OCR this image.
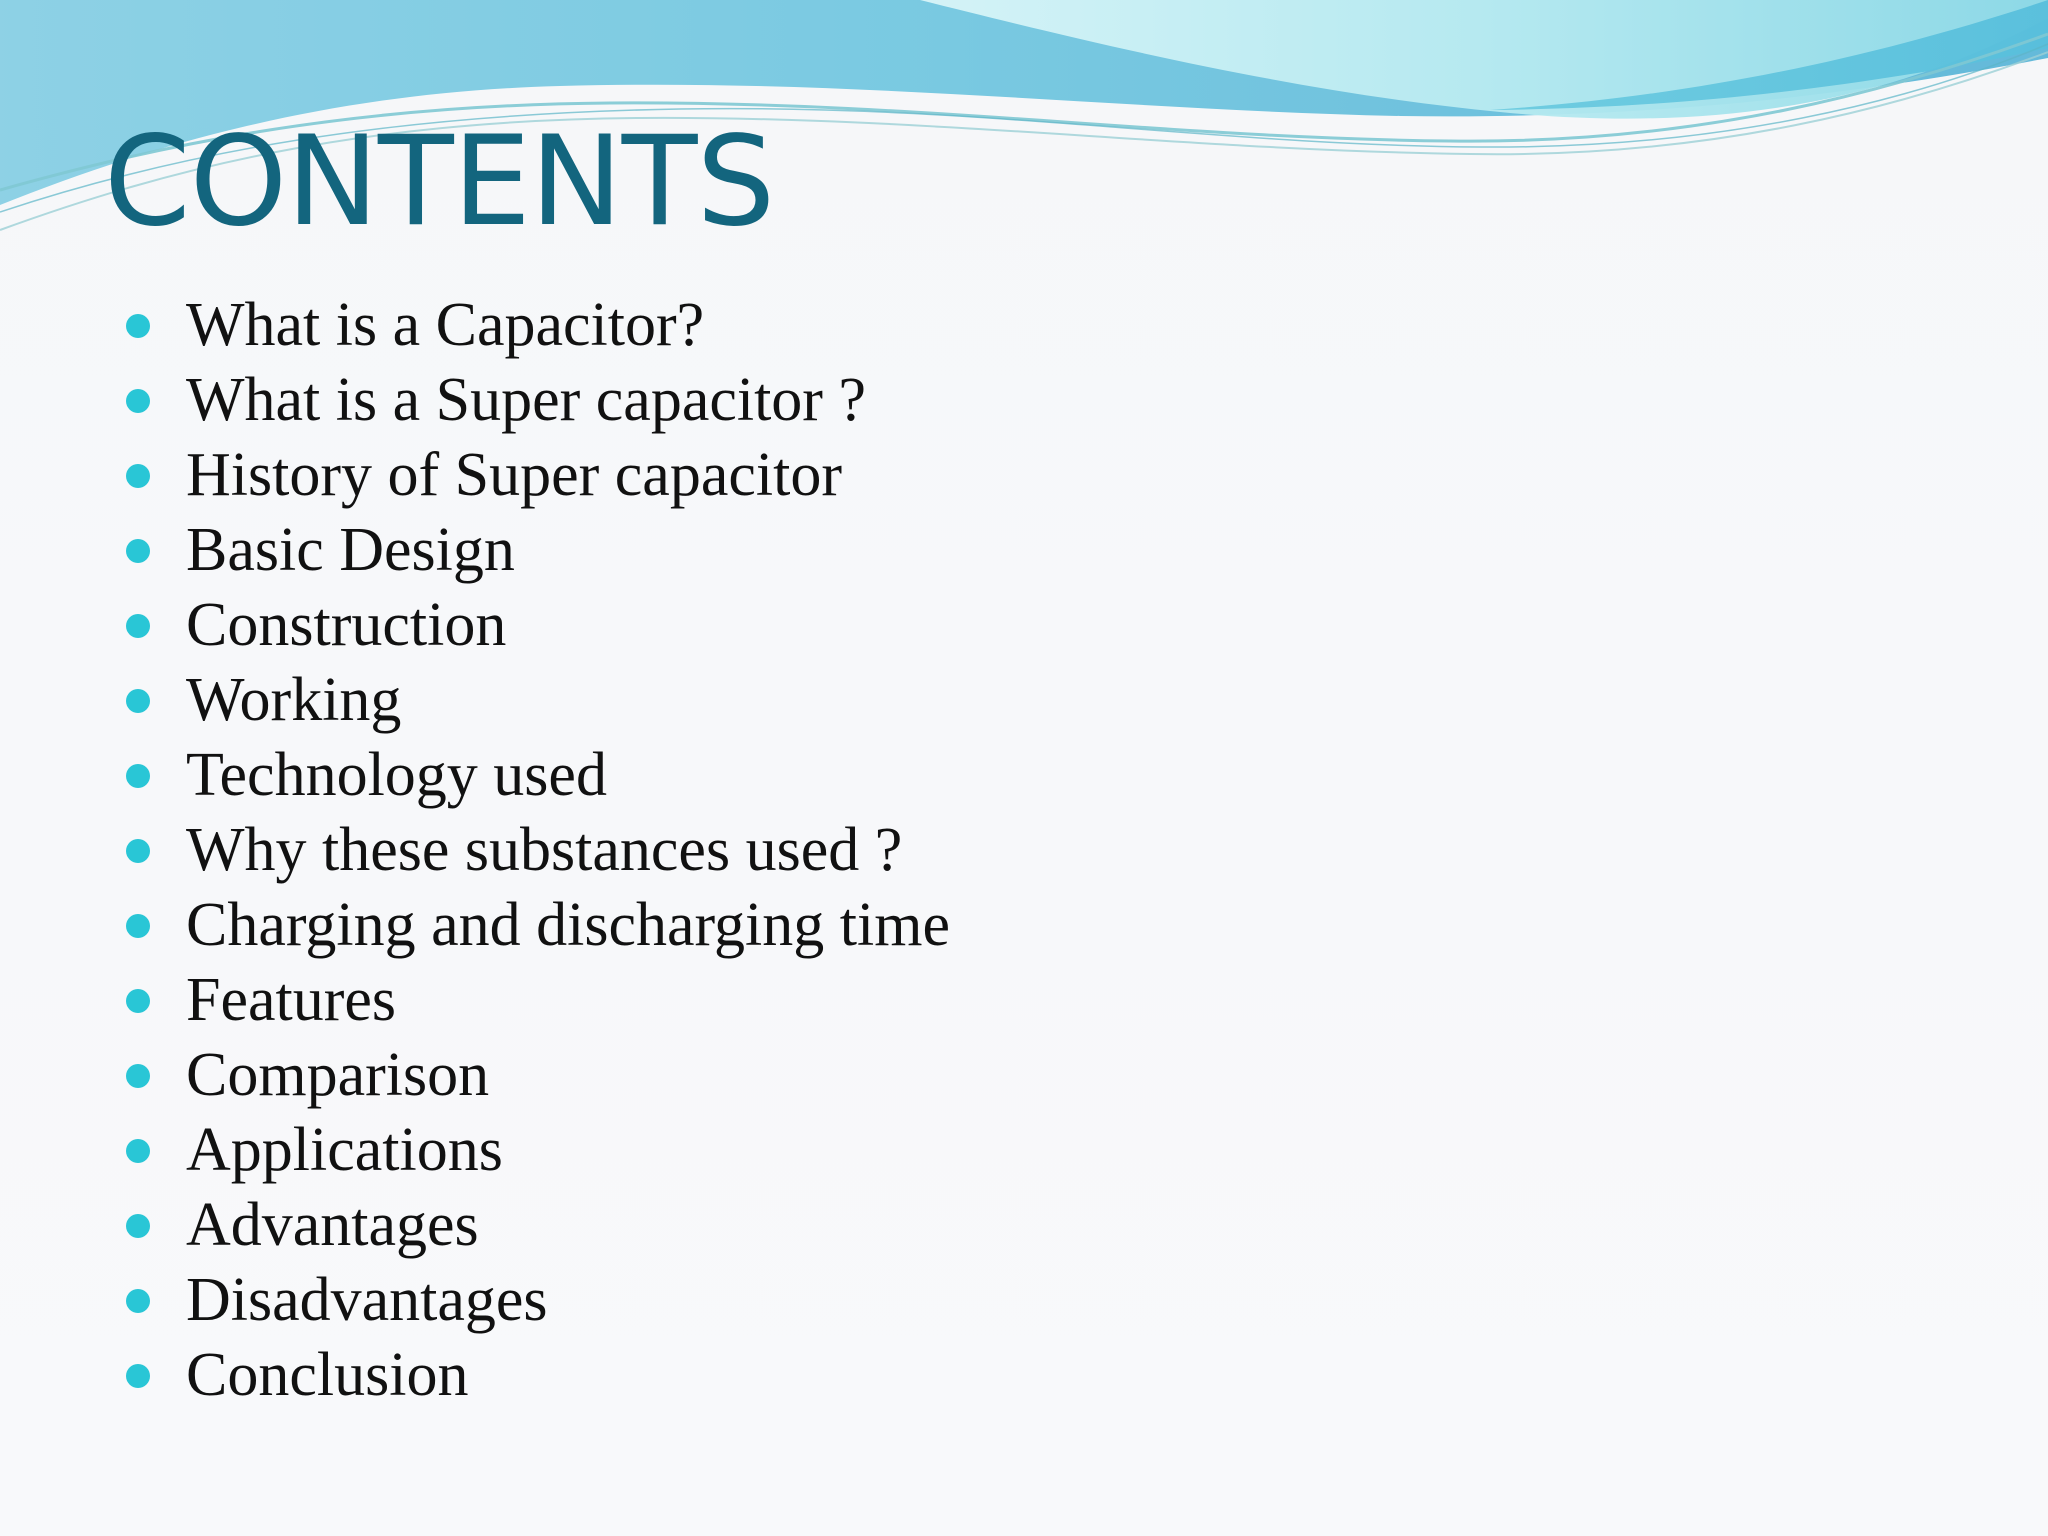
CONTENTS
What is a Capacitor?
What is a Super capacitor ?
History of Super capacitor
Basic Design
Construction
Working
Technology used
Why these substances used ?
Charging and discharging time
Features
Comparison
Applications
Advantages
Disadvantages
Conclusion
